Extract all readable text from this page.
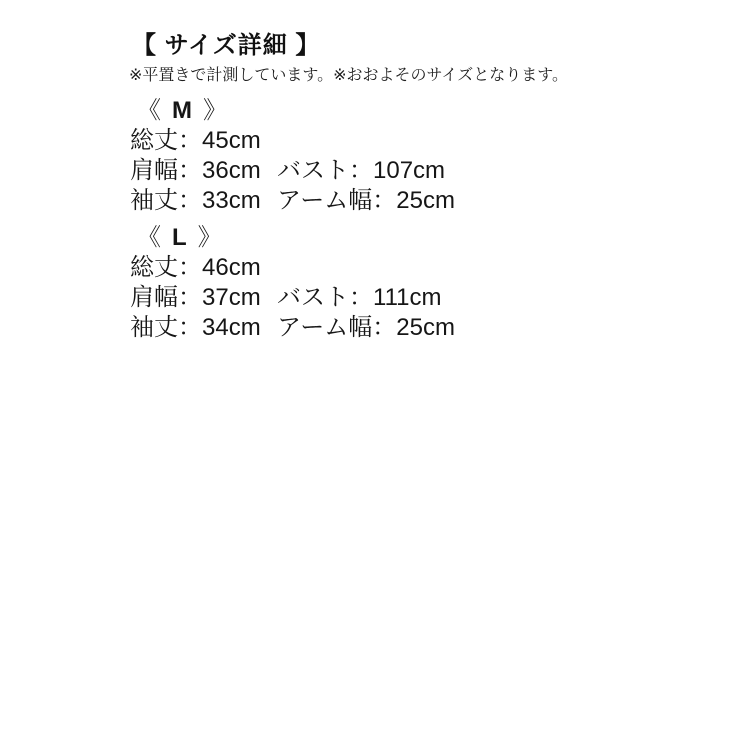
【 サイズ詳細 】

※平置きで計測しています。※おおよそのサイズとなります。

《 M 》
総丈：45cm
肩幅：36cm バスト：107cm
袖丈：33cm アーム幅：25cm
《 L 》
総丈：46cm
肩幅：37cm バスト：111cm
袖丈：34cm アーム幅：25cm
